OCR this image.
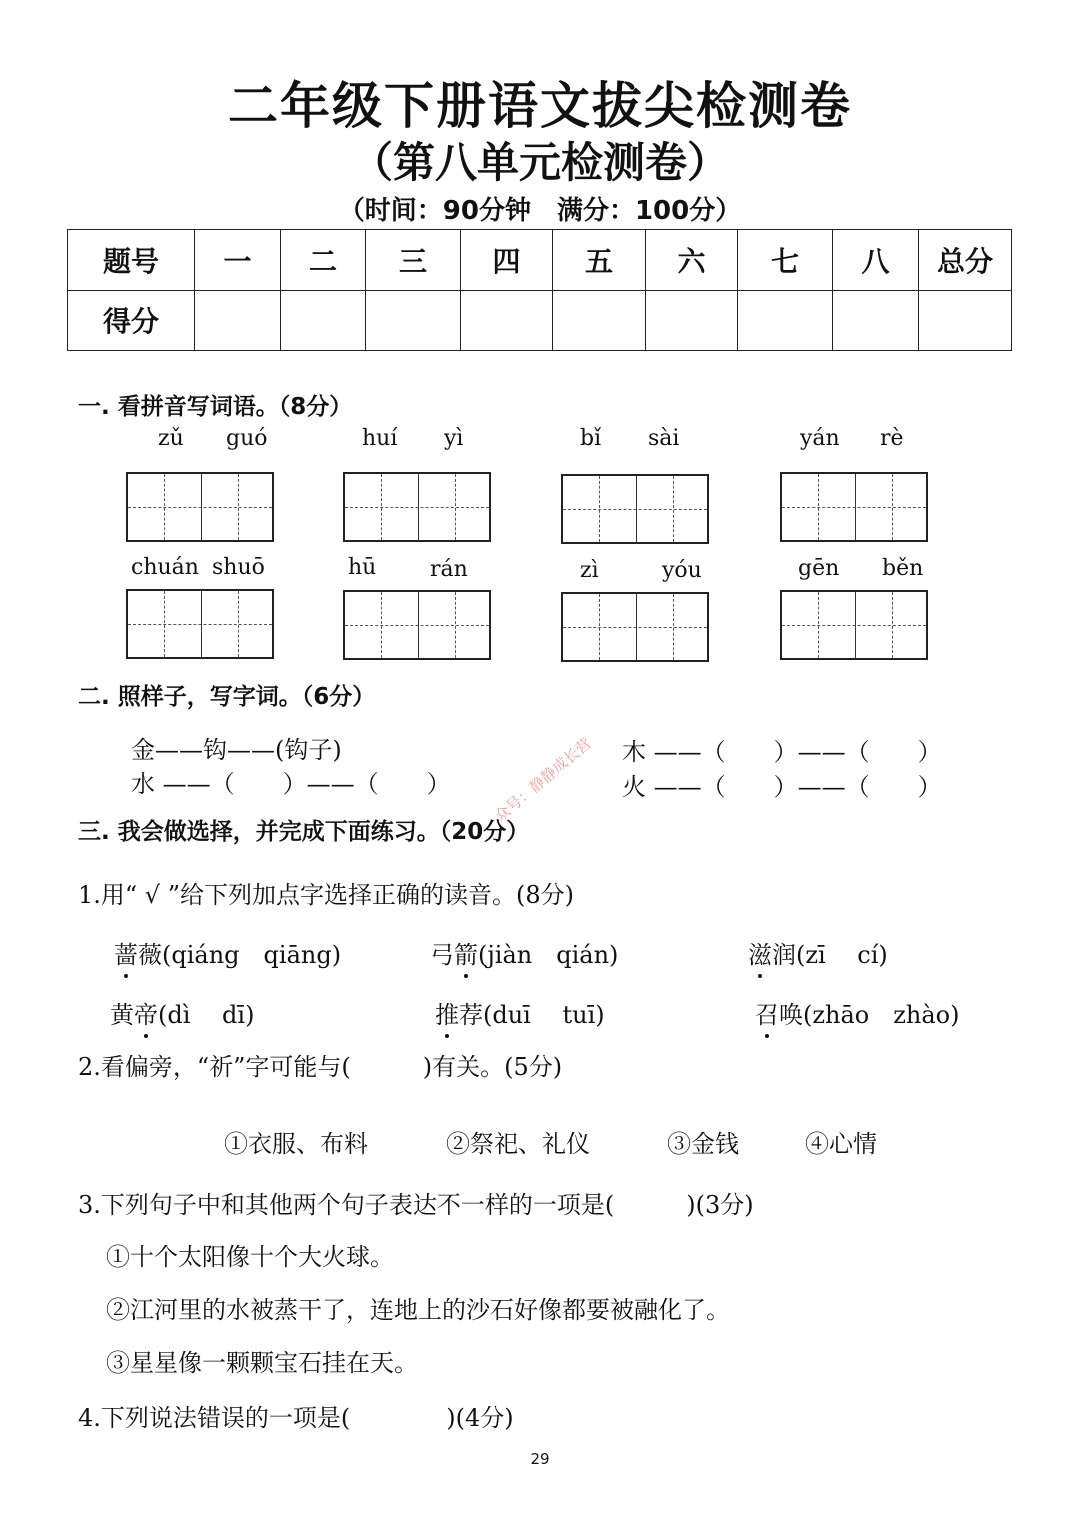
二年级下册语文拔尖检测卷
（第八单元检测卷）
（时间：90分钟　满分：100分）
题号	一	二	三	四	五	六	七	八	总分
得分									
一. 看拼音写词语。（8分）
zǔ guó	huí yì	bǐ sài	yán rè
chuán shuō	hū rán	zì	yóu	gēn běn
二. 照样子，写字词。（6分）
金——钩——(钩子)	木 ——（　　）——（　　）
水 ——（　　）——（　　）	火 ——（　　）——（　　）
众号：静静成长营
三. 我会做选择，并完成下面练习。（20分）
1.用“ √ ”给下列加点字选择正确的读音。(8分)
蔷薇(qiáng　qiāng)	弓箭(jiàn　qián)	滋润(zī　 cí)
黄帝(dì　 dī)	推荐(duī　 tuī)	召唤(zhāo　zhào)
2.看偏旁，“祈”字可能与(　　　)有关。(5分)
①衣服、布料	②祭祀、礼仪	③金钱	④心情
3.下列句子中和其他两个句子表达不一样的一项是(　　　)(3分)
①十个太阳像十个大火球。
②江河里的水被蒸干了，连地上的沙石好像都要被融化了。
③星星像一颗颗宝石挂在天。
4.下列说法错误的一项是(　　　　)(4分)
29
